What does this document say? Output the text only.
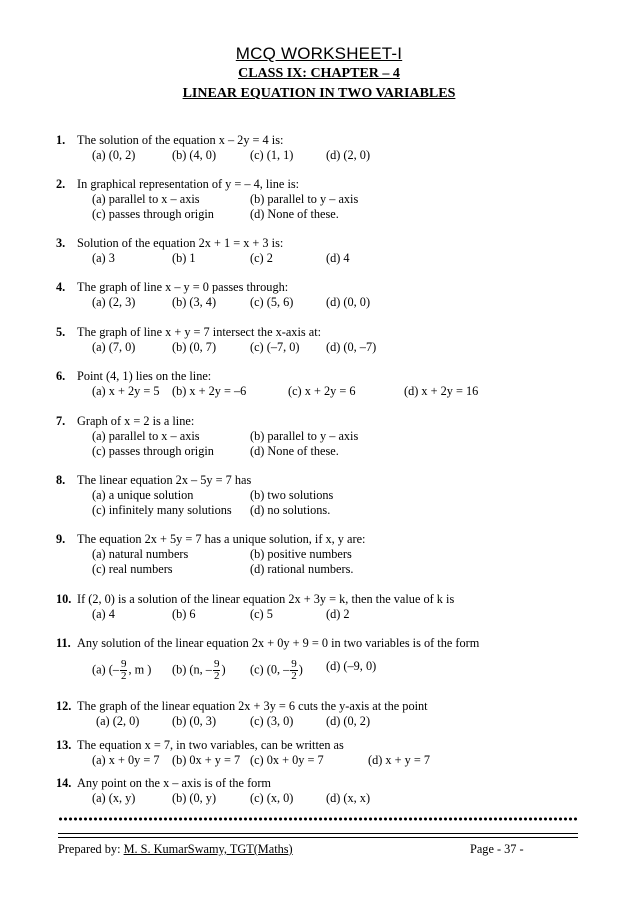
MCQ WORKSHEET-I
CLASS IX: CHAPTER – 4
LINEAR EQUATION IN TWO VARIABLES
1. The solution of the equation x – 2y = 4 is:
(a) (0, 2)	(b) (4, 0)	(c) (1, 1)	(d) (2, 0)
2. In graphical representation of y = – 4, line is:
(a) parallel to x – axis	(b) parallel to y – axis
(c) passes through origin	(d) None of these.
3. Solution of the equation 2x + 1 = x + 3 is:
(a) 3	(b) 1	(c) 2	(d) 4
4. The graph of line x – y = 0 passes through:
(a) (2, 3)	(b) (3, 4)	(c) (5, 6)	(d) (0, 0)
5. The graph of line x + y = 7 intersect the x-axis at:
(a) (7, 0)	(b) (0, 7)	(c) (–7, 0) (d) (0, –7)
6. Point (4, 1) lies on the line:
(a) x + 2y = 5 (b) x + 2y = –6	(c) x + 2y = 6	(d) x + 2y = 16
7. Graph of x = 2 is a line:
(a) parallel to x – axis	(b) parallel to y – axis
(c) passes through origin	(d) None of these.
8. The linear equation 2x – 5y = 7 has
(a) a unique solution	(b) two solutions
(c) infinitely many solutions (d) no solutions.
9. The equation 2x + 5y = 7 has a unique solution, if x, y are:
(a) natural numbers	(b) positive numbers
(c) real numbers	(d) rational numbers.
10. If (2, 0) is a solution of the linear equation 2x + 3y = k, then the value of k is
(a) 4	(b) 6	(c) 5	(d) 2
11. Any solution of the linear equation 2x + 0y + 9 = 0 in two variables is of the form
(a) (– $\frac{9}{2}$ , m ) (b) (n, – $\frac{9}{2}$ ) (c) (0, – $\frac{9}{2}$ ) (d) (–9, 0)
12. The graph of the linear equation 2x + 3y = 6 cuts the y-axis at the point
(a) (2, 0)	(b) (0, 3)	(c) (3, 0)	(d) (0, 2)
13. The equation x = 7, in two variables, can be written as
(a) x + 0y = 7 (b) 0x + y = 7 (c) 0x + 0y = 7	(d) x + y = 7
14. Any point on the x – axis is of the form
(a) (x, y)	(b) (0, y)	(c) (x, 0)	(d) (x, x)
Prepared by: M. S. KumarSwamy, TGT(Maths)	Page - 37 -
